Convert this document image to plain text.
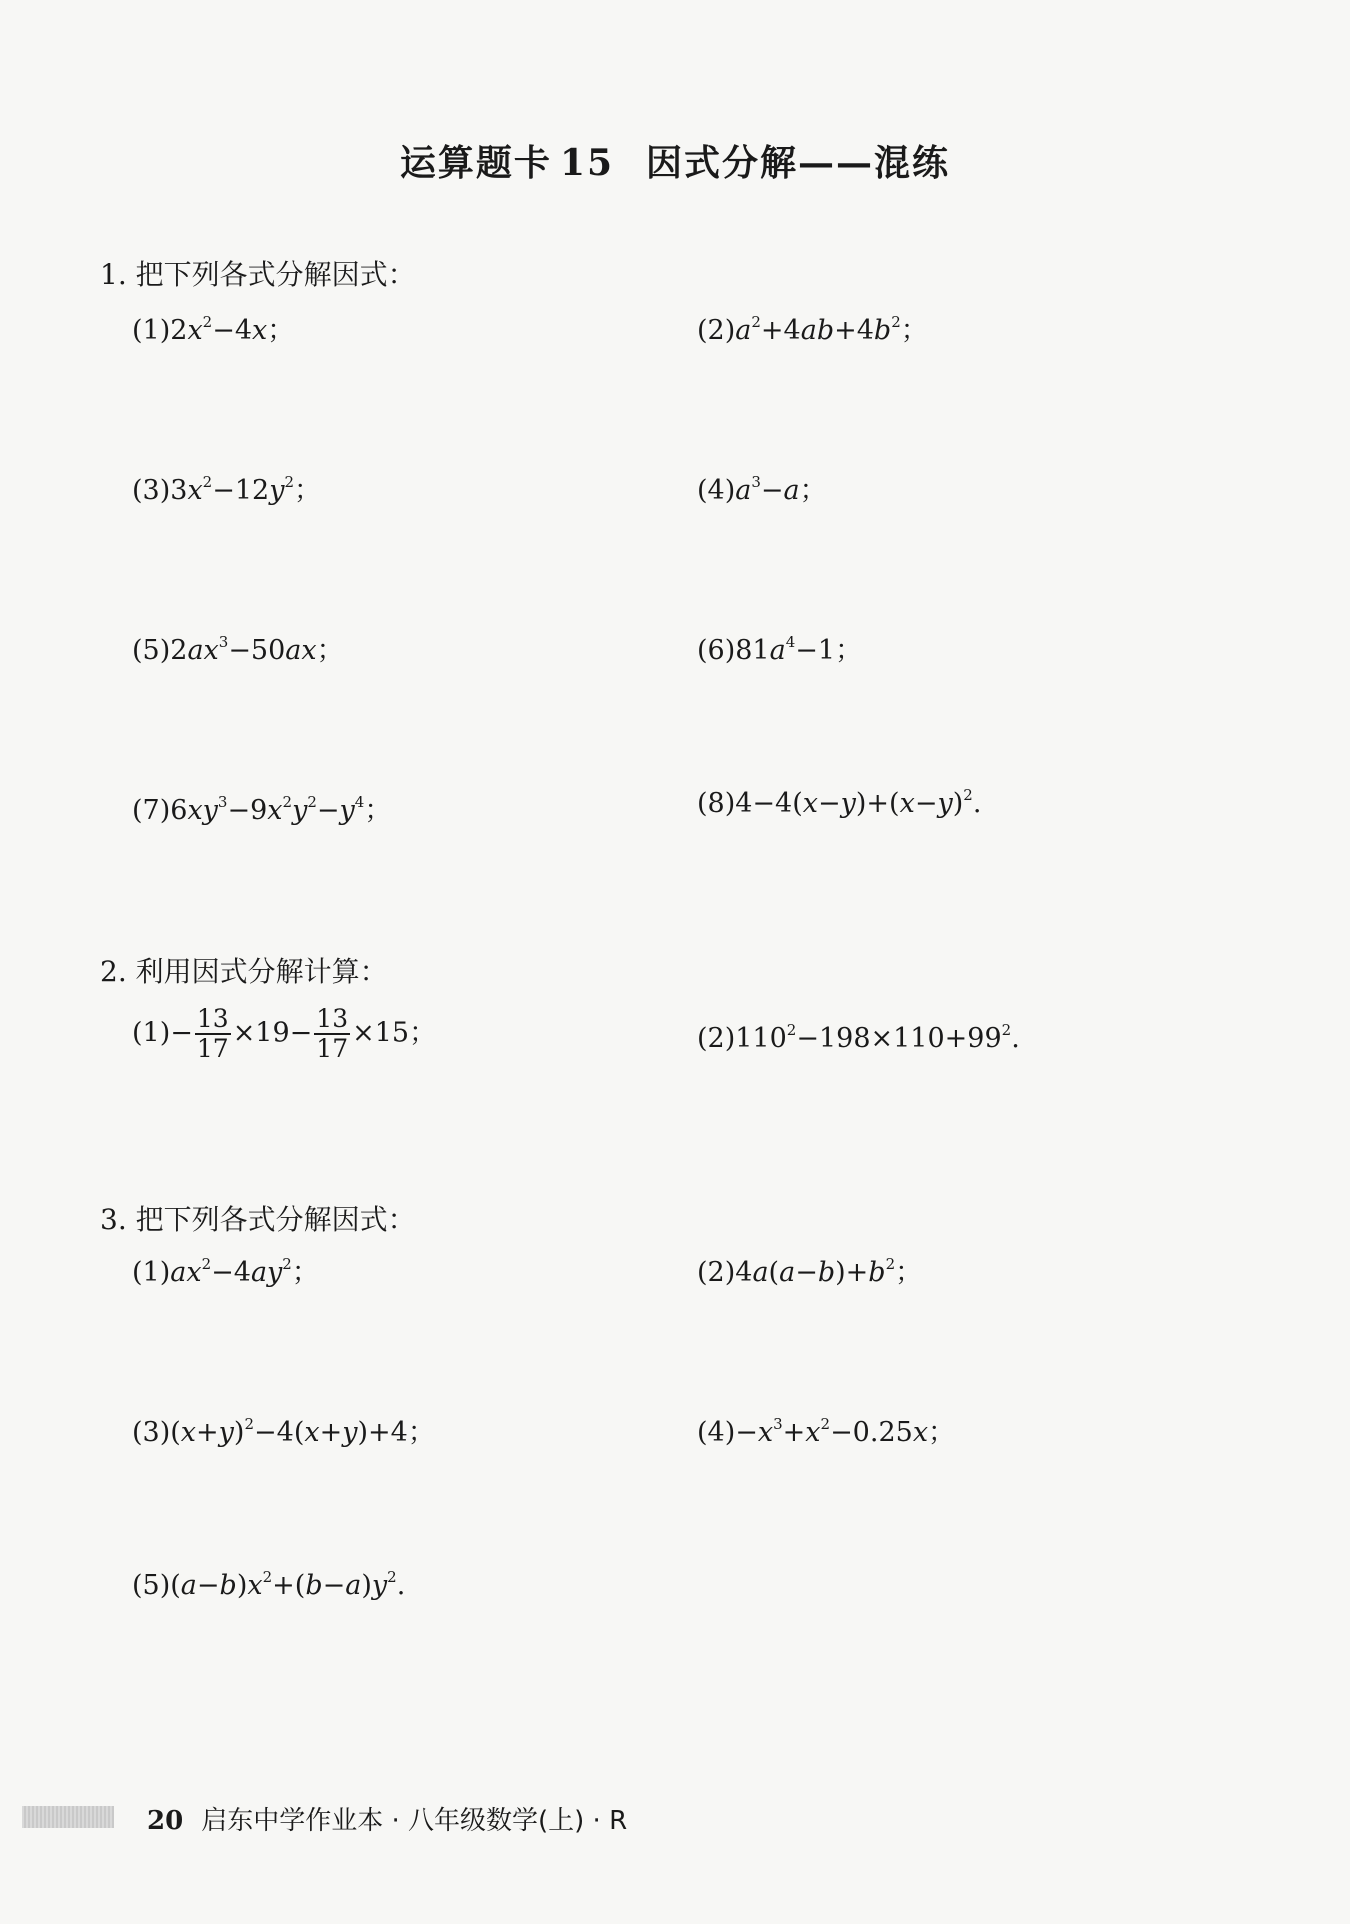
运算题卡 15 因式分解——混练
1. 把下列各式分解因式：
$(1)2x^2-4x$；	$(2)a^2+4ab+4b^2$；
$(3)3x^2-12y^2$；	$(4)a^3-a$；
$(5)2ax^3-50ax$；	$(6)81a^4-1$；
$(7)6xy^3-9x^2y^2-y^4$；	$(8)4-4(x-y)+(x-y)^2$.
2. 利用因式分解计算：
$(1)- \frac{13}{17} \times 19- \frac{13}{17} \times 15$；	$(2)110^2-198\times 110+99^2$.
3. 把下列各式分解因式：
$(1)ax^2-4ay^2$；	$(2)4a(a-b)+b^2$；
$(3)(x+y)^2-4(x+y)+4$；	$(4)-x^3+x^2-0.25x$；
$(5)(a-b)x^2+(b-a)y^2$.
20 启东中学作业本 · 八年级数学(上) · R
